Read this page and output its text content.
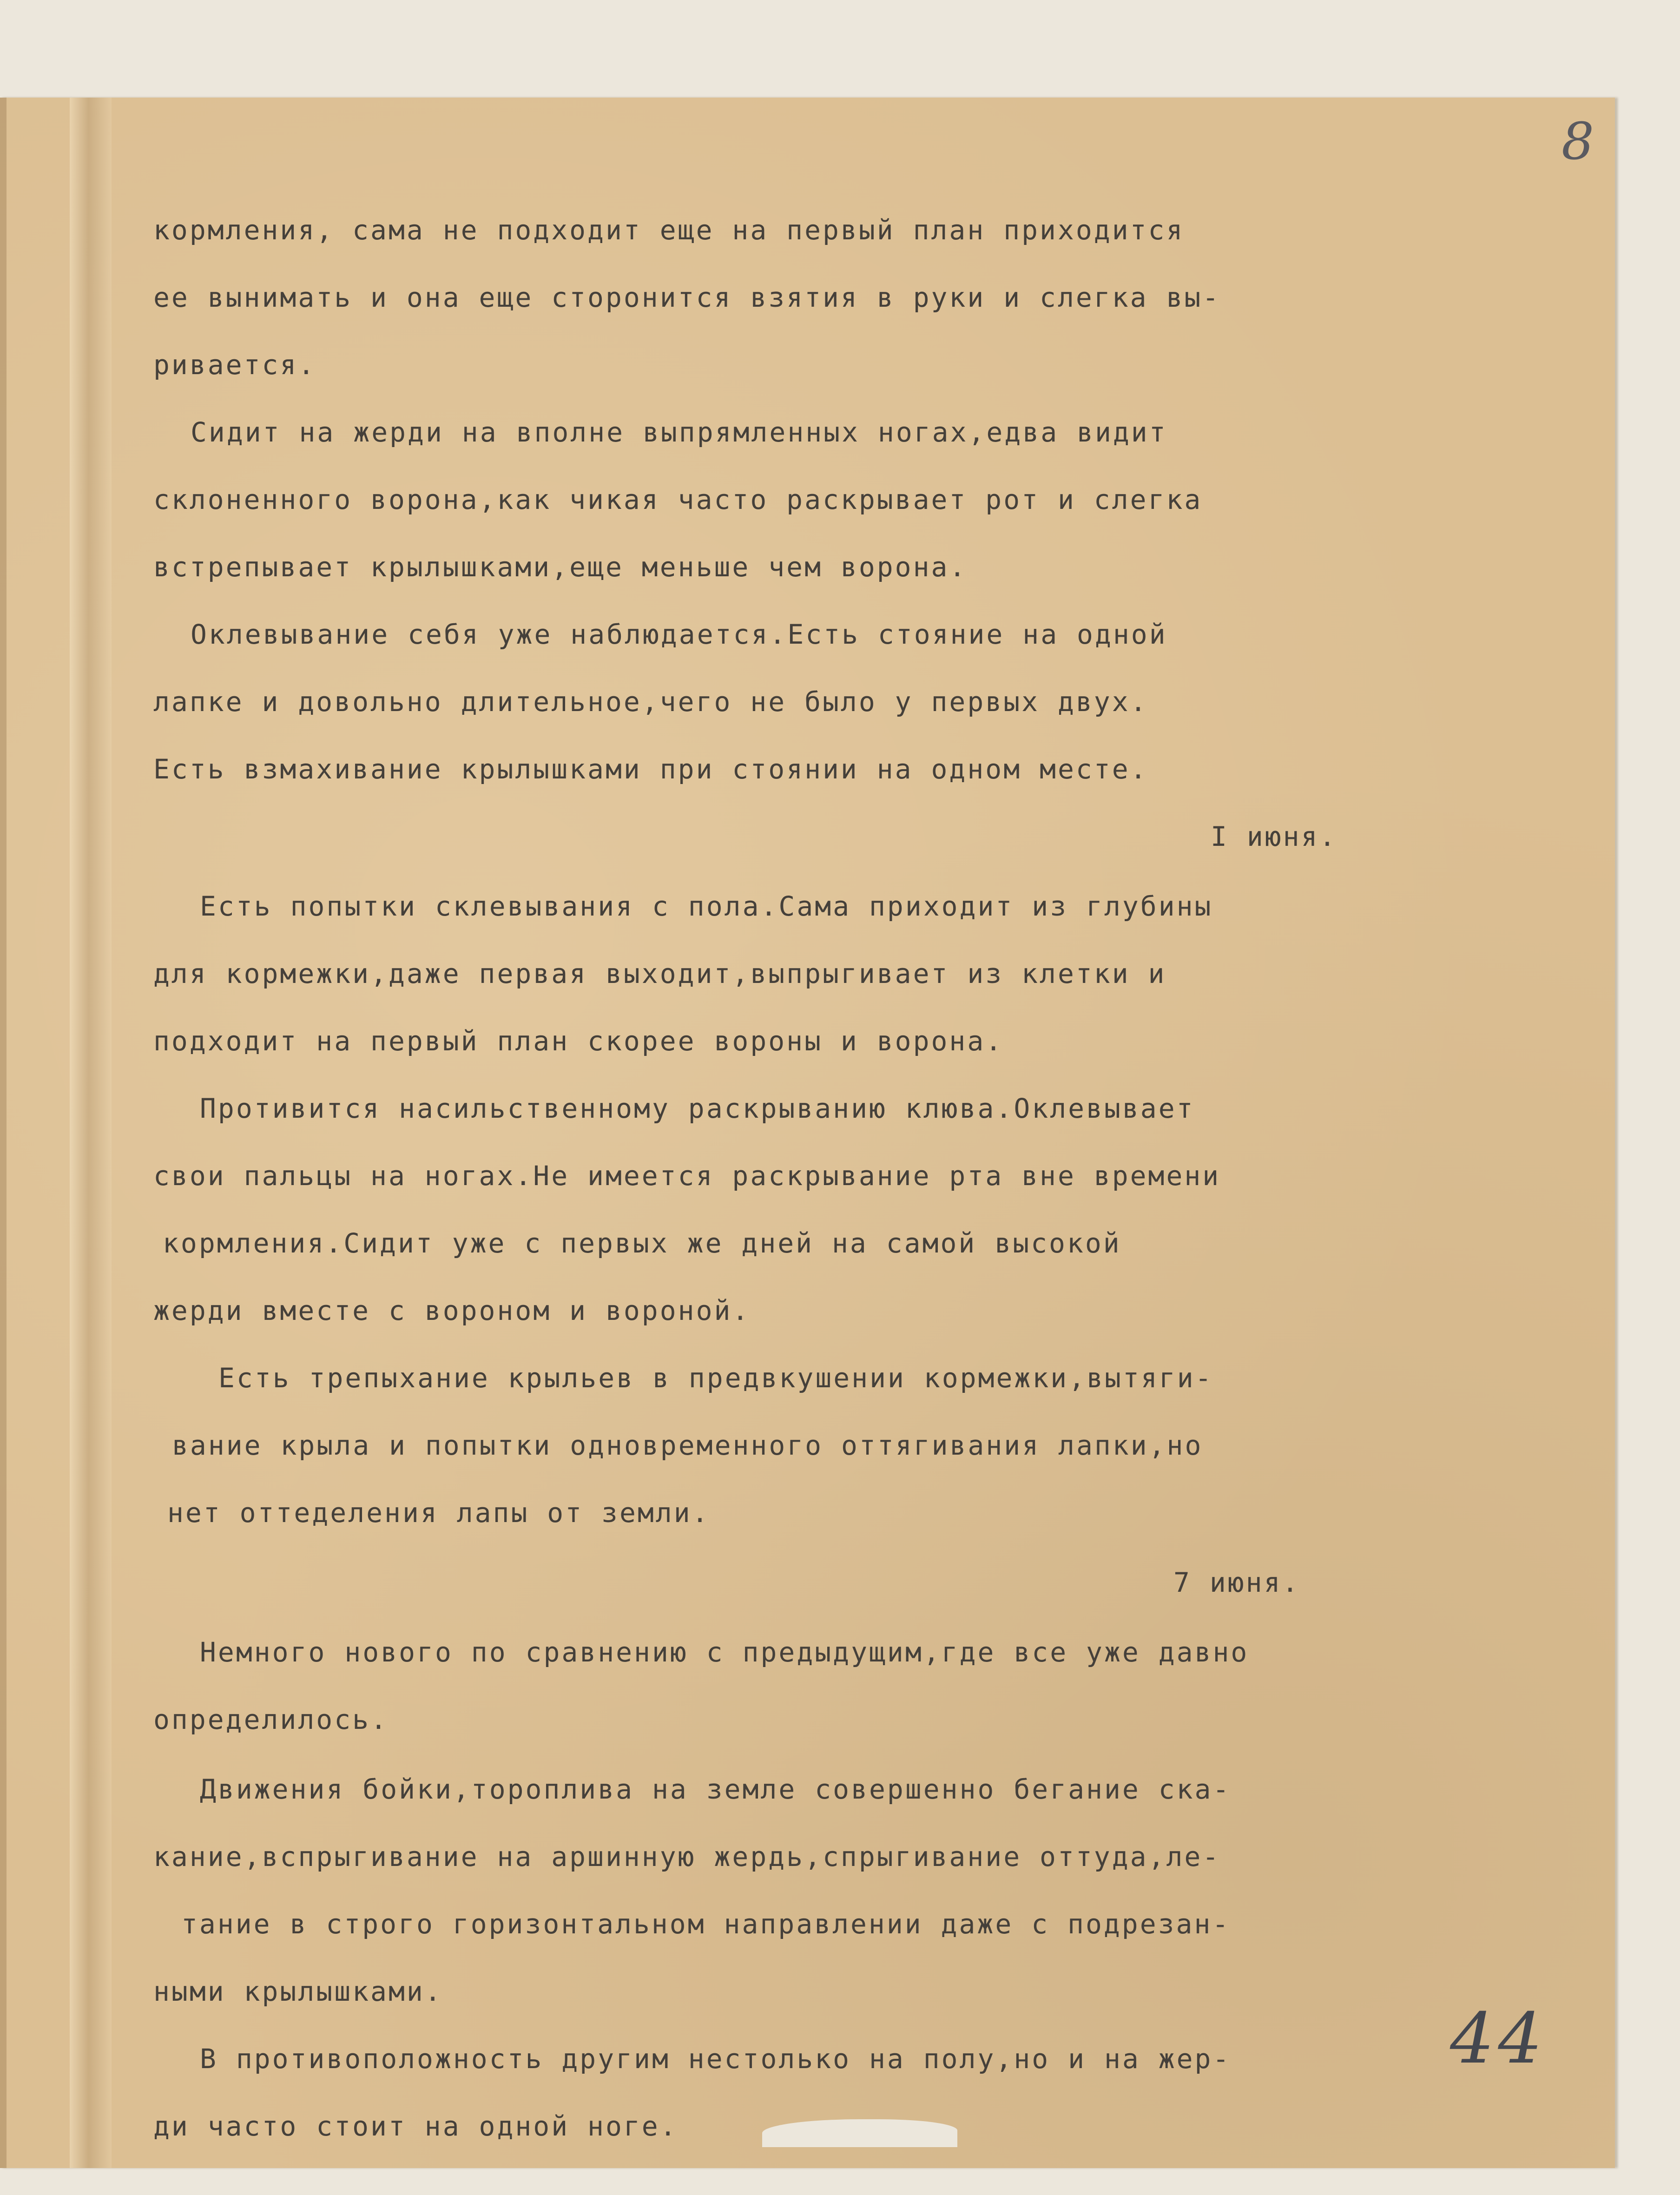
8
кормления, сама не подходит еще на первый план приходится
ее вынимать и она еще сторонится взятия в руки и слегка вы-
ривается.
Сидит на жерди на вполне выпрямленных ногах,едва видит
склоненного ворона,как чикая часто раскрывает рот и слегка
встрепывает крылышками,еще меньше чем ворона.
Оклевывание себя уже наблюдается.Есть стояние на одной
лапке и довольно длительное,чего не было у первых двух.
Есть взмахивание крылышками при стоянии на одном месте.
I июня.
Есть попытки склевывания с пола.Сама приходит из глубины
для кормежки,даже первая выходит,выпрыгивает из клетки и
подходит на первый план скорее вороны и ворона.
Противится насильственному раскрыванию клюва.Оклевывает
свои пальцы на ногах.Не имеется раскрывание рта вне времени
кормления.Сидит уже с первых же дней на самой высокой
жерди вместе с вороном и вороной.
Есть трепыхание крыльев в предвкушении кормежки,вытяги-
вание крыла и попытки одновременного оттягивания лапки,но
нет оттеделения лапы от земли.
7 июня.
Немного нового по сравнению с предыдущим,где все уже давно
определилось.
Движения бойки,тороплива на земле совершенно бегание ска-
кание,вспрыгивание на аршинную жердь,спрыгивание оттуда,ле-
тание в строго горизонтальном направлении даже с подрезан-
ными крылышками.
В противоположность другим нестолько на полу,но и на жер-
ди часто стоит на одной ноге.
44
